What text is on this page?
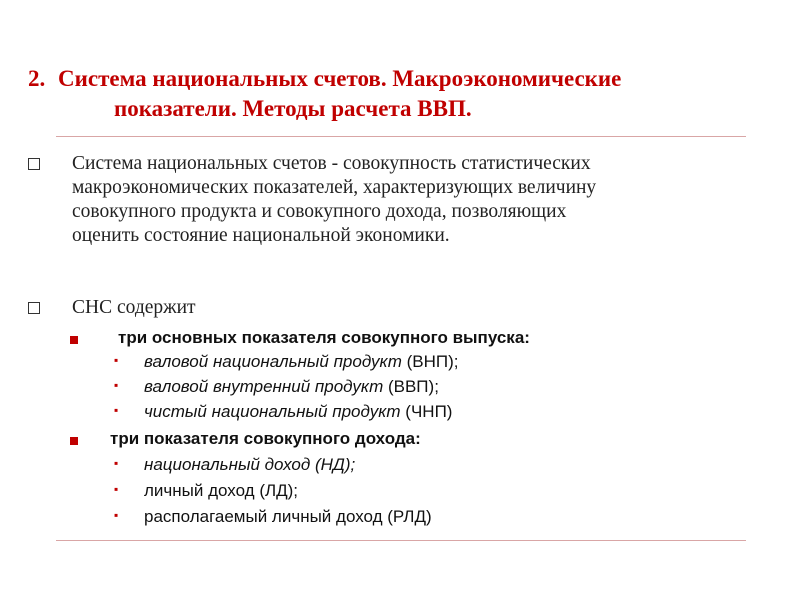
2. Система национальных счетов. Макроэкономические
показатели. Методы расчета ВВП.
Система национальных счетов - совокупность статистических
макроэкономических показателей, характеризующих величину
совокупного продукта и совокупного дохода, позволяющих
оценить состояние национальной экономики.
СНС содержит
три основных показателя совокупного выпуска:
▪ валовой национальный продукт (ВНП);
▪ валовой внутренний продукт (ВВП);
▪ чистый национальный продукт (ЧНП)
три показателя совокупного дохода:
▪ национальный доход (НД);
▪ личный доход (ЛД);
▪ располагаемый личный доход (РЛД)
